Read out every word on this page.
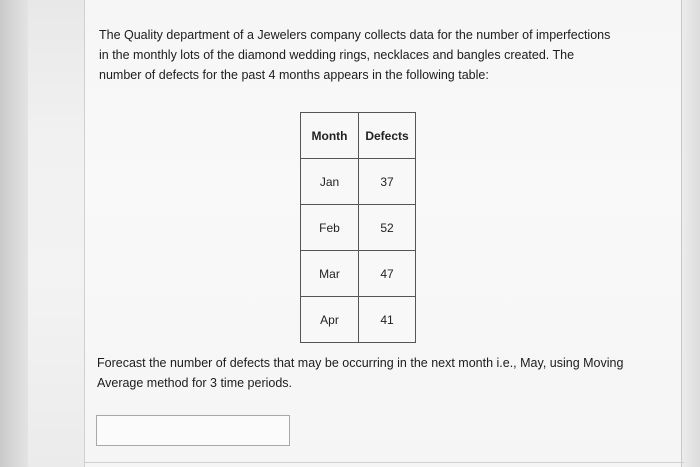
The Quality department of a Jewelers company collects data for the number of imperfections in the monthly lots of the diamond wedding rings, necklaces and bangles created. The number of defects for the past 4 months appears in the following table:

Month	Defects
Jan	37
Feb	52
Mar	47
Apr	41

Forecast the number of defects that may be occurring in the next month i.e., May, using Moving Average method for 3 time periods.
